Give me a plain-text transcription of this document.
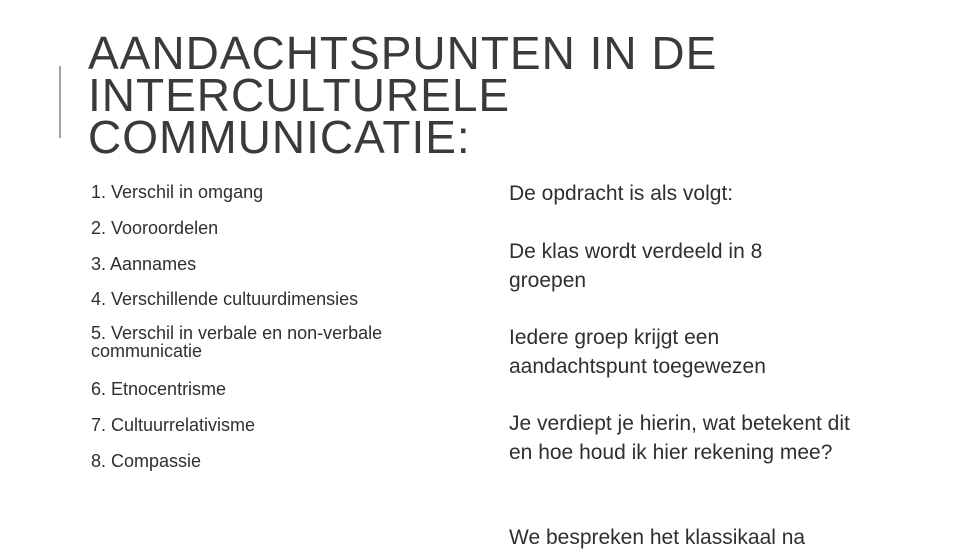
AANDACHTSPUNTEN IN DE
INTERCULTURELE
COMMUNICATIE:
1. Verschil in omgang
2. Vooroordelen
3. Aannames
4. Verschillende cultuurdimensies
5. Verschil in verbale en non-verbale communicatie
6. Etnocentrisme
7. Cultuurrelativisme
8. Compassie

De opdracht is als volgt:

De klas wordt verdeeld in 8 groepen

Iedere groep krijgt een aandachtspunt toegewezen

Je verdiept je hierin, wat betekent dit en hoe houd ik hier rekening mee?

We bespreken het klassikaal na
